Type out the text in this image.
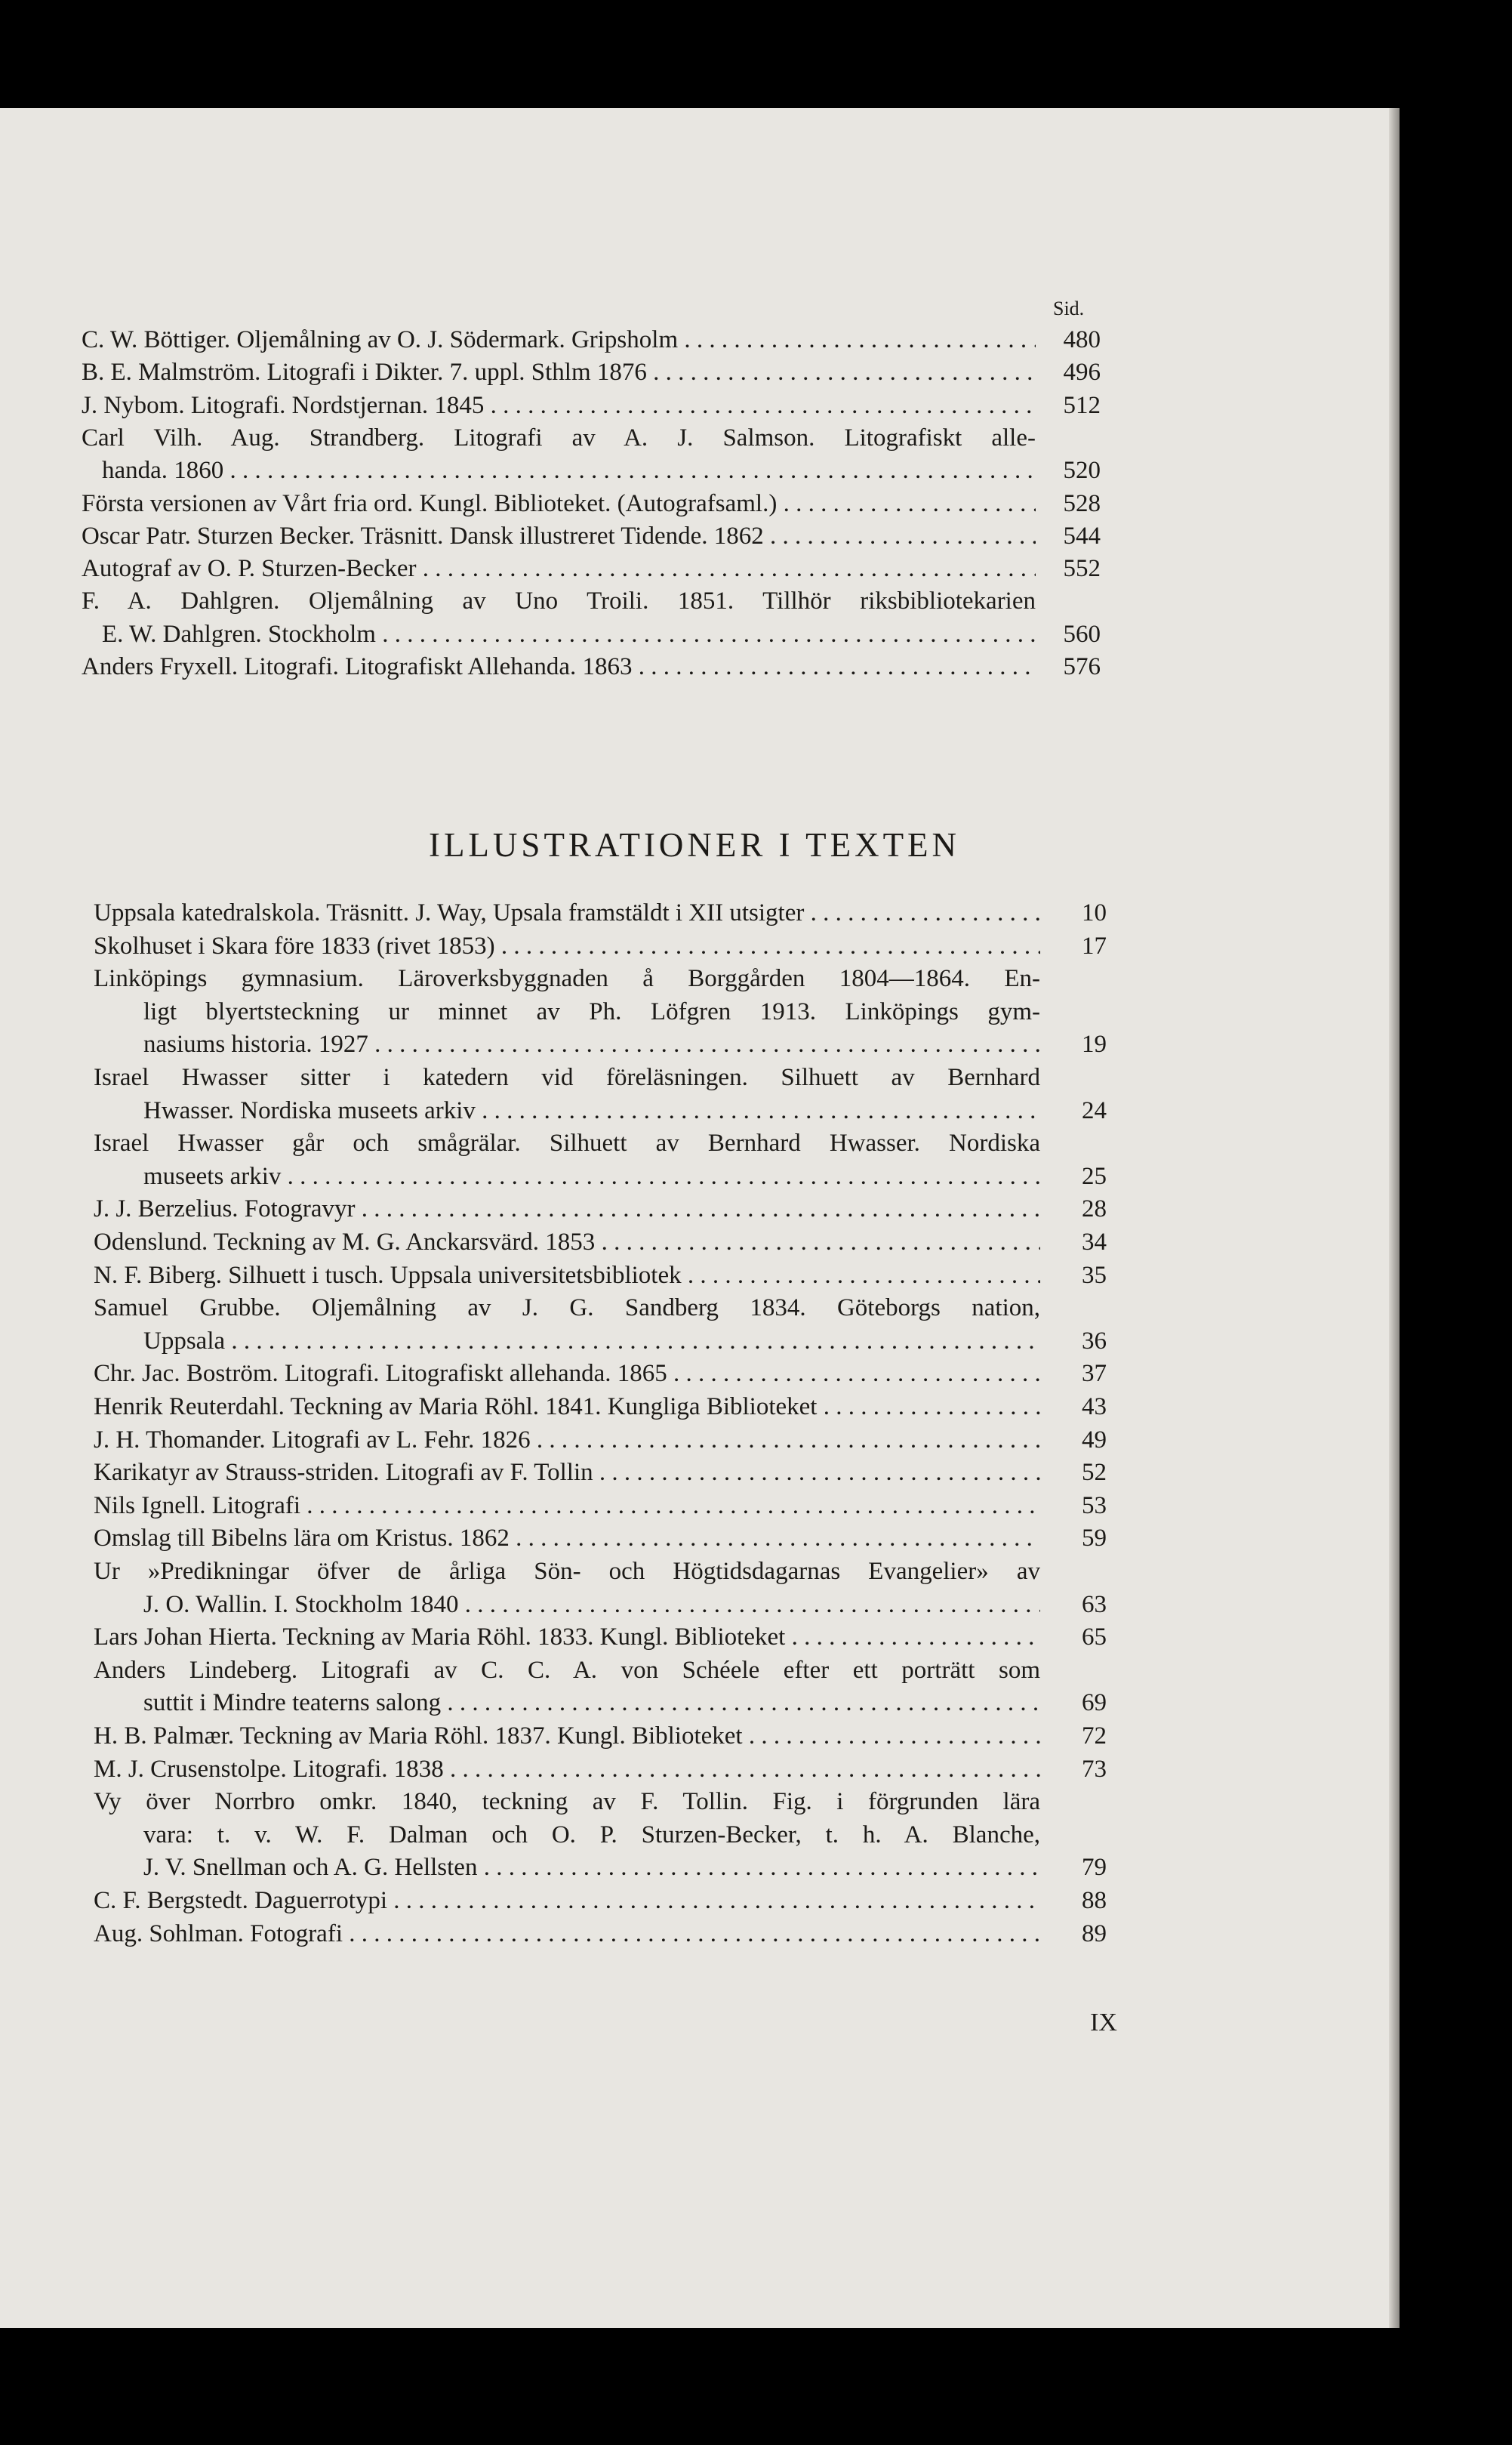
Sid.
C. W. Böttiger. Oljemålning av O. J. Södermark. Gripsholm . . .	480
B. E. Malmström. Litografi i Dikter. 7. uppl. Sthlm 1876 . . .	496
J. Nybom. Litografi. Nordstjernan. 1845 . . .	512
Carl Vilh. Aug. Strandberg. Litografi av A. J. Salmson. Litografiskt alle-
handa. 1860 . . .	520
Första versionen av Vårt fria ord. Kungl. Biblioteket. (Autografsaml.) . . .	528
Oscar Patr. Sturzen Becker. Träsnitt. Dansk illustreret Tidende. 1862 . . .	544
Autograf av O. P. Sturzen-Becker . . .	552
F. A. Dahlgren. Oljemålning av Uno Troili. 1851. Tillhör riksbibliotekarien
E. W. Dahlgren. Stockholm . . .	560
Anders Fryxell. Litografi. Litografiskt Allehanda. 1863 . . .	576
ILLUSTRATIONER I TEXTEN
Uppsala katedralskola. Träsnitt. J. Way, Upsala framstäldt i XII utsigter . . . .	10
Skolhuset i Skara före 1833 (rivet 1853) . . .	17
Linköpings gymnasium. Läroverksbyggnaden å Borggården 1804—1864. En-
ligt blyertsteckning ur minnet av Ph. Löfgren 1913. Linköpings gym-
nasiums historia. 1927 . . .	19
Israel Hwasser sitter i katedern vid föreläsningen. Silhuett av Bernhard
Hwasser. Nordiska museets arkiv . . .	24
Israel Hwasser går och smågrälar. Silhuett av Bernhard Hwasser. Nordiska
museets arkiv . . .	25
J. J. Berzelius. Fotogravyr . . .	28
Odenslund. Teckning av M. G. Anckarsvärd. 1853 . . .	34
N. F. Biberg. Silhuett i tusch. Uppsala universitetsbibliotek . . .	35
Samuel Grubbe. Oljemålning av J. G. Sandberg 1834. Göteborgs nation,
Uppsala . . .	36
Chr. Jac. Boström. Litografi. Litografiskt allehanda. 1865 . . .	37
Henrik Reuterdahl. Teckning av Maria Röhl. 1841. Kungliga Biblioteket . . . .	43
J. H. Thomander. Litografi av L. Fehr. 1826 . . .	49
Karikatyr av Strauss-striden. Litografi av F. Tollin . . .	52
Nils Ignell. Litografi . . .	53
Omslag till Bibelns lära om Kristus. 1862 . . .	59
Ur »Predikningar öfver de årliga Sön- och Högtidsdagarnas Evangelier» av
J. O. Wallin. I. Stockholm 1840 . . .	63
Lars Johan Hierta. Teckning av Maria Röhl. 1833. Kungl. Biblioteket . . . .	65
Anders Lindeberg. Litografi av C. C. A. von Schéele efter ett porträtt som
suttit i Mindre teaterns salong . . .	69
H. B. Palmær. Teckning av Maria Röhl. 1837. Kungl. Biblioteket . . .	72
M. J. Crusenstolpe. Litografi. 1838 . . .	73
Vy över Norrbro omkr. 1840, teckning av F. Tollin. Fig. i förgrunden lära
vara: t. v. W. F. Dalman och O. P. Sturzen-Becker, t. h. A. Blanche,
J. V. Snellman och A. G. Hellsten . . .	79
C. F. Bergstedt. Daguerrotypi . . .	88
Aug. Sohlman. Fotografi . . .	89
IX
